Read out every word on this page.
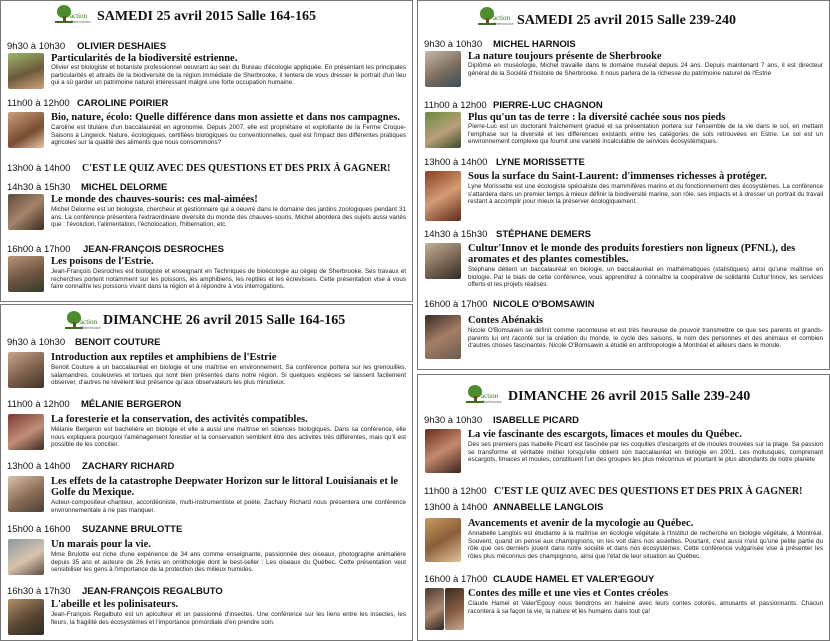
action
Sherbrooke SAMEDI 25 avril 2015 Salle 164-165
9h30 à 10h30 OLIVIER DESHAIES
Particularités de la biodiversité estrienne.
Olivier est biologiste et botaniste professionnel oeuvrant au sein du Bureau d'écologie appliquée. En présentant les principales particularités et attraits de la biodiversité de la région immédiate de Sherbrooke, il tentera de vous dresser le portrait d'un lieu qui a sû garder un patrimoine naturel intéressant malgré une forte occupation humaine.
11h00 à 12h00 CAROLINE POIRIER
Bio, nature, écolo: Quelle différence dans mon assiette et dans nos campagnes.
Caroline est titulaire d'un baccalauréat en agronomie. Depuis 2007, elle est propriétaire et exploitante de la Ferme Croque-Saisons à Lingwick. Nature, écologiques, certifiées biologiques ou conventionnelles, quel est l'impact des différentes pratiques agricoles sur la qualité des aliments que nous consommons?
13h00 à 14h00 C'EST LE QUIZ AVEC DES QUESTIONS ET DES PRIX À GAGNER!
14h30 à 15h30 MICHEL DELORME
Le monde des chauves-souris: ces mal-aimées!
Michel Delorme est un biologiste, chercheur et gestionnaire qui a oeuvré dans le domaine des jardins zoologiques pendant 31 ans. La conférence présentera l'extraordinaire diversité du monde des chauves-souris. Michel abordera des sujets aussi variés que : l'évolution, l'alimentation, l'écholocation, l'hibernation, etc.
16h00 à 17h00 JEAN-FRANÇOIS DESROCHES
Les poisons de l'Estrie.
Jean-François Desroches est biologiste et enseignant en Techniques de bioécologie au cégep de Sherbrooke. Ses travaux et recherches portent notamment sur les poissons, les amphibiens, les reptiles et les écrevisses. Cette présentation vise à vous faire connaître les poissons vivant dans la région et à répondre à vos interrogations.
action
Sherbrooke DIMANCHE 26 avril 2015 Salle 164-165
9h30 à 10h30 BENOIT COUTURE
Introduction aux reptiles et amphibiens de l'Estrie
Benoit Couture a un baccalauréat en biologie et une maîtrise en environnement. Sa conférence portera sur les grenouilles, salamandres, couleuvres et tortues qui sont bien présentes dans notre région. Si quelques espèces se laissent facilement observer, d'autres ne révèlent leur présence qu'aux observateurs les plus minutieux.
11h00 à 12h00 MÉLANIE BERGERON
La foresterie et la conservation, des activités compatibles.
Mélanie Bergeron est bachelière en biologie et elle a aussi une maîtrise en sciences biologiques. Dans sa conférence, elle nous expliquera pourquoi l'aménagement forestier et la conservation semblent être des activités très différentes, mais qu'il est possible de les concilier.
13h00 à 14h00 ZACHARY RICHARD
Les effets de la catastrophe Deepwater Horizon sur le littoral Louisianais et le Golfe du Mexique.
Auteur-compositeur-chanteur, accordéoniste, multi-instrumentiste et poète, Zachary Richard nous présentera une conférence environnementale à ne pas manquer.
15h00 à 16h00 SUZANNE BRULOTTE
Un marais pour la vie.
Mme Brulotte est riche d'une expérience de 34 ans comme enseignante, passionnée des oiseaux, photographe animalière depuis 35 ans et auteure de 26 livres en ornithologie dont le best-seller : Les oiseaux du Québec. Cette présentation veut sensibiliser les gens à l'importance de la protection des milieux humides.
16h30 à 17h30 JEAN-FRANÇOIS REGALBUTO
L'abeille et les polinisateurs.
Jean-François Regalbuto est un apiculteur et un passionné d'insectes. Une conférence sur les liens entre les insectes, les fleurs, la fragilité des écosystèmes et l'importance primordiale d'en prendre soin.
action
Sherbrooke SAMEDI 25 avril 2015 Salle 239-240
9h30 à 10h30 MICHEL HARNOIS
La nature toujours présente de Sherbrooke
Diplômé en muséologie, Michel travaille dans le domaine muséal depuis 24 ans. Depuis maintenant 7 ans, il est directeur général de la Société d'histoire de Sherbrooke. Il nous parlera de la richesse du patrimoine naturel de l'Estrie
11h00 à 12h00 PIERRE-LUC CHAGNON
Plus qu'un tas de terre : la diversité cachée sous nos pieds
Pierre-Luc est un doctorant fraîchement gradué et sa présentation portera sur l'ensemble de la vie dans le sol, en mettant l'emphase sur la diversité et les différences existants entre les catégories de sols retrouvées en Estrie. Le sol est un environnement complexe qui fournit une variété incalculable de services écosystémiques.
13h00 à 14h00 LYNE MORISSETTE
Sous la surface du Saint-Laurent: d'immenses richesses à protéger.
Lyne Morissette est une écologiste spécialiste des mammifères marins et du fonctionnement des écosystèmes. La conférence s'attardera dans un premier temps à mieux définir la biodiversité marine, son rôle, ses impacts et à dresser un portrait du travail restant à accomplir pour mieux la préserver écologiquement.
14h30 à 15h30 STÉPHANE DEMERS
Cultur'Innov et le monde des produits forestiers non ligneux (PFNL), des aromates et des plantes comestibles.
Stéphane détient un baccalauréat en biologie, un baccalauréat en mathématiques (statistiques) ainsi qu'une maîtrise en biologie. Par le biais de cette conférence, vous apprendrez à connaître la coopérative de solidarité Cultur'Innov, les services offerts et les projets réalisés.
16h00 à 17h00 NICOLE O'BOMSAWIN
Contes Abénakis
Nicole O'Bomsawin se définit comme raconteuse et est très heureuse de pouvoir transmettre ce que ses parents et grands-parents lui ont raconté sur la création du monde, le cycle des saisons, le nom des personnes et des animaux et combien d'autres choses fascinantes. Nicole O'Bomsawin a étudié en anthropologie à Montréal et ailleurs dans le monde.
action
Sherbrooke DIMANCHE 26 avril 2015 Salle 239-240
9h30 à 10h30 ISABELLE PICARD
La vie fascinante des escargots, limaces et moules du Québec.
Dès ses premiers pas Isabelle Picard est fascinée par les coquilles d'escargots et de moules trouvées sur la plage. Sa passion se transforme et véritable métier lorsqu'elle obtient son baccalauréat en biologie en 2001. Les mollusques, comprenant escargots, limaces et moules, constituent l'un des groupes les plus méconnus et pourtant le plus abondants de notre planète
11h00 à 12h00 C'EST LE QUIZ AVEC DES QUESTIONS ET DES PRIX À GAGNER!
13h00 à 14h00 ANNABELLE LANGLOIS
Avancements et avenir de la mycologie au Québec.
Annabelle Langlois est étudiante à la maîtrise en écologie végétale à l'Institut de recherche en biologie végétale, à Montréal. Souvent, quand on pense aux champignons, on les voit dans nos assiettes. Pourtant, c'est aussi n'est qu'une petite partie du rôle que ces derniers jouent dans notre société et dans nos écosystèmes. Cette conférence vulgarisée vise à présenter les rôles plus méconnus des champignons, ainsi que l'état de leur situation au Québec.
16h00 à 17h00 CLAUDE HAMEL ET VALER'EGOUY
Contes des mille et une vies et Contes créoles
Claude Hamel et Valer'Egouy nous tiendrons en haleine avec leurs contes colorés, amusants et passionnants. Chacun racontera à sa façon la vie, la nature et les humains dans tout ça!
